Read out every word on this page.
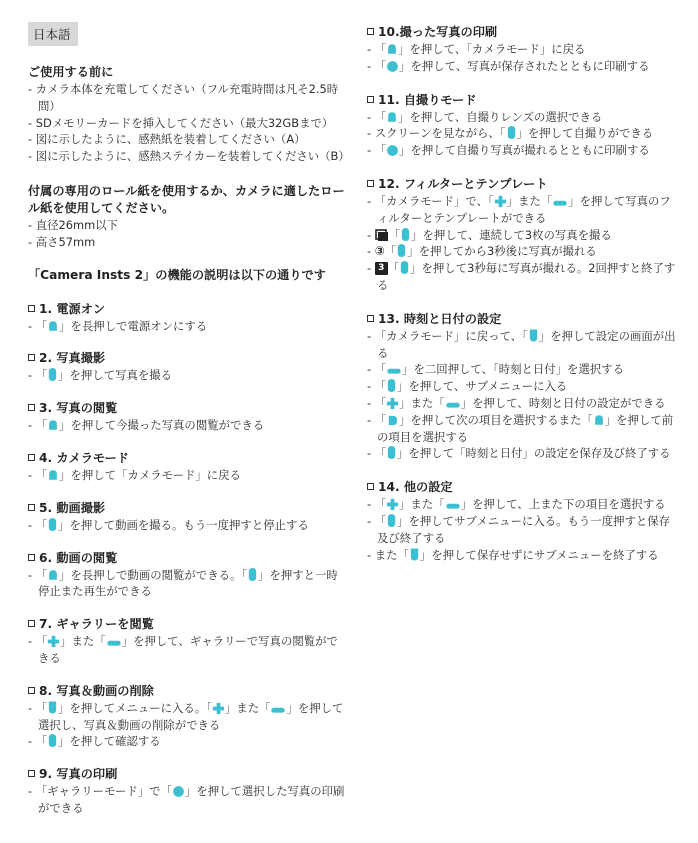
日本語
ご使用する前に
- カメラ本体を充電してください（フル充電時間は凡そ2.5時間）
- SDメモリーカードを挿入してください（最大32GBまで）
- 図に示したように、感熱紙を装着してください（A）
- 図に示したように、感熱ステイカーを装着してください（B）
付属の専用のロール紙を使用するか、カメラに適したロール紙を使用してください。
- 直径26mm以下
- 高さ57mm
「Camera Insts 2」の機能の説明は以下の通りです
1. 電源オン
- 「 」を長押しで電源オンにする
2. 写真撮影
- 「 」を押して写真を撮る
3. 写真の閲覧
- 「 」を押して今撮った写真の閲覧ができる
4. カメラモード
- 「 」を押して「カメラモード」に戻る
5. 動画撮影
- 「 」を押して動画を撮る。もう一度押すと停止する
6. 動画の閲覧
- 「 」を長押しで動画の閲覧ができる。「 」を押すと一時停止また再生ができる
7. ギャラリーを閲覧
- 「 」また「 」を押して、ギャラリーで写真の閲覧ができる
8. 写真＆動画の削除
- 「 」を押してメニューに入る。「 」また「 」を押して選択し、写真＆動画の削除ができる
- 「 」を押して確認する
9. 写真の印刷
- 「ギャラリーモード」で「 」を押して選択した写真の印刷ができる
10.撮った写真の印刷
- 「 」を押して、「カメラモード」に戻る
- 「 」を押して、写真が保存されたとともに印刷する
11. 自撮りモード
- 「 」を押して、自撮りレンズの選択できる
- スクリーンを見ながら、「 」を押して自撮りができる
- 「 」を押して自撮り写真が撮れるとともに印刷する
12. フィルターとテンプレート
- 「カメラモード」で、「 」また「 」を押して写真のフィルターとテンプレートができる
-
「 」を押して、連続して3枚の写真を撮る
- ③「 」を押してから3秒後に写真が撮れる
- 3 「 」を押して3秒毎に写真が撮れる。2回押すと終了する
13. 時刻と日付の設定
- 「カメラモード」に戻って、「 」を押して設定の画面が出る
- 「 」を二回押して、「時刻と日付」を選択する
- 「 」を押して、サブメニューに入る
- 「 」また「 」を押して、時刻と日付の設定ができる
- 「 」を押して次の項目を選択するまた「 」を押して前の項目を選択する
- 「 」を押して「時刻と日付」の設定を保存及び終了する
14. 他の設定
- 「 」また「 」を押して、上また下の項目を選択する
- 「 」を押してサブメニューに入る。もう一度押すと保存及び終了する
- また「 」を押して保存せずにサブメニューを終了する
